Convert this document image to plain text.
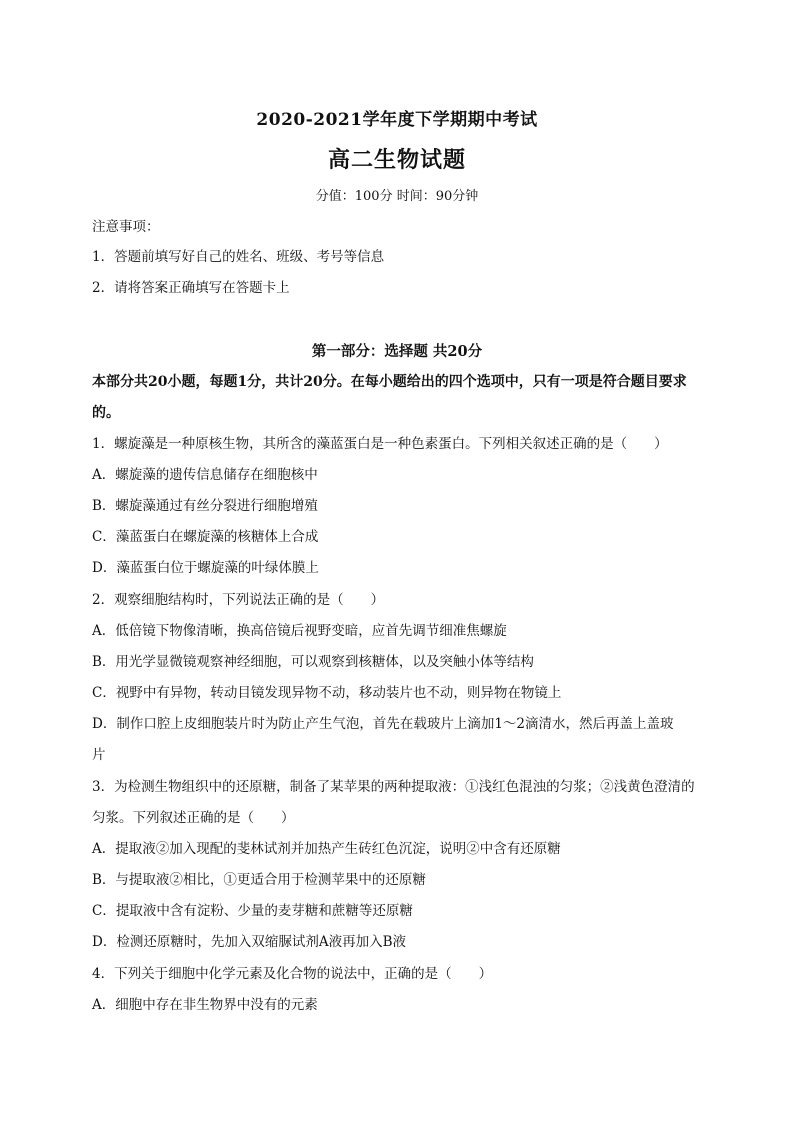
2020-2021学年度下学期期中考试
高二生物试题
分值：100分 时间：90分钟
注意事项：
1．答题前填写好自己的姓名、班级、考号等信息
2．请将答案正确填写在答题卡上
第一部分：选择题 共20分
本部分共20小题，每题1分，共计20分。在每小题给出的四个选项中，只有一项是符合题目要求
的。
1．螺旋藻是一种原核生物，其所含的藻蓝蛋白是一种色素蛋白。下列相关叙述正确的是（　　）
A．螺旋藻的遗传信息储存在细胞核中
B．螺旋藻通过有丝分裂进行细胞增殖
C．藻蓝蛋白在螺旋藻的核糖体上合成
D．藻蓝蛋白位于螺旋藻的叶绿体膜上
2．观察细胞结构时，下列说法正确的是（　　）
A．低倍镜下物像清晰，换高倍镜后视野变暗，应首先调节细准焦螺旋
B．用光学显微镜观察神经细胞，可以观察到核糖体，以及突触小体等结构
C．视野中有异物，转动目镜发现异物不动，移动装片也不动，则异物在物镜上
D．制作口腔上皮细胞装片时为防止产生气泡，首先在载玻片上滴加1～2滴清水，然后再盖上盖玻
片
3．为检测生物组织中的还原糖，制备了某苹果的两种提取液：①浅红色混浊的匀浆；②浅黄色澄清的
匀浆。下列叙述正确的是（　　）
A．提取液②加入现配的斐林试剂并加热产生砖红色沉淀，说明②中含有还原糖
B．与提取液②相比，①更适合用于检测苹果中的还原糖
C．提取液中含有淀粉、少量的麦芽糖和蔗糖等还原糖
D．检测还原糖时，先加入双缩脲试剂A液再加入B液
4．下列关于细胞中化学元素及化合物的说法中，正确的是（　　）
A．细胞中存在非生物界中没有的元素
